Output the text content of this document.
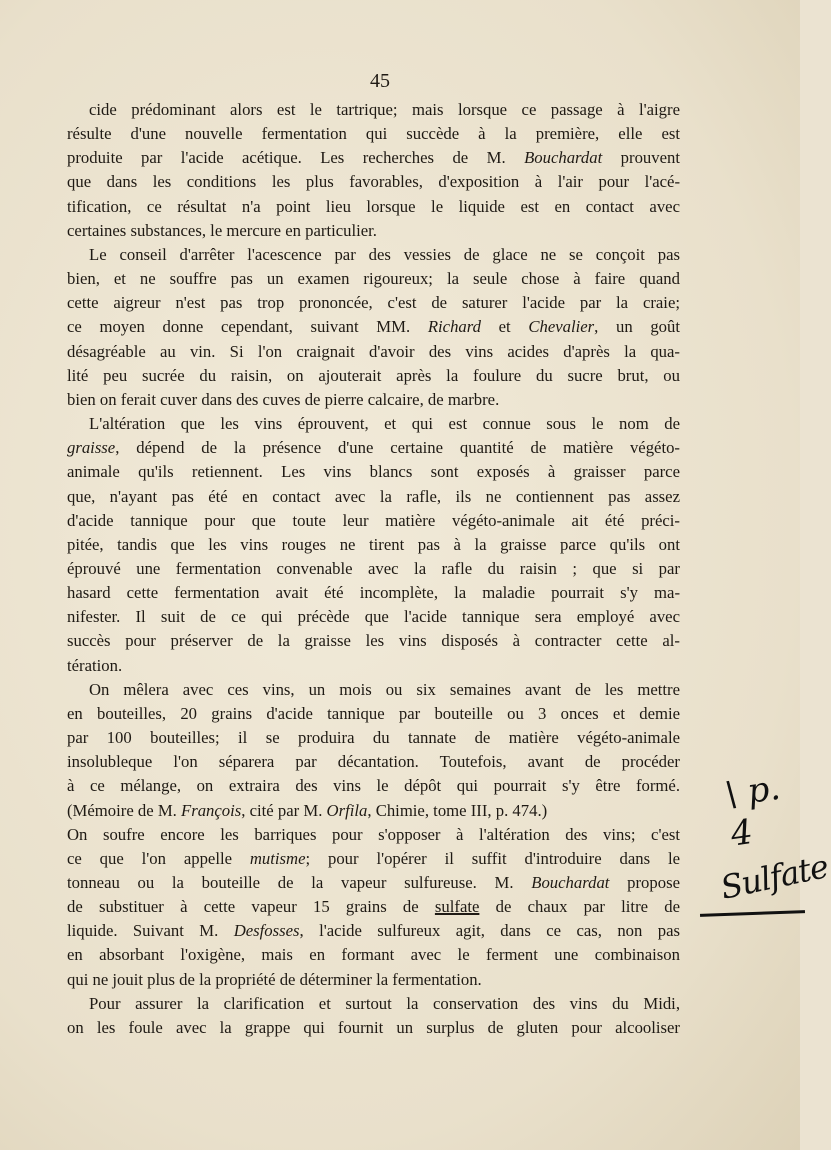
45

cide prédominant alors est le tartrique; mais lorsque ce passage à l'aigre
résulte d'une nouvelle fermentation qui succède à la première, elle est
produite par l'acide acétique. Les recherches de M. Bouchardat prouvent
que dans les conditions les plus favorables, d'exposition à l'air pour l'acé-
tification, ce résultat n'a point lieu lorsque le liquide est en contact avec
certaines substances, le mercure en particulier.

Le conseil d'arrêter l'acescence par des vessies de glace ne se conçoit pas
bien, et ne souffre pas un examen rigoureux; la seule chose à faire quand
cette aigreur n'est pas trop prononcée, c'est de saturer l'acide par la craie;
ce moyen donne cependant, suivant MM. Richard et Chevalier, un goût
désagréable au vin. Si l'on craignait d'avoir des vins acides d'après la qua-
lité peu sucrée du raisin, on ajouterait après la foulure du sucre brut, ou
bien on ferait cuver dans des cuves de pierre calcaire, de marbre.

L'altération que les vins éprouvent, et qui est connue sous le nom de
graisse, dépend de la présence d'une certaine quantité de matière végéto-
animale qu'ils retiennent. Les vins blancs sont exposés à graisser parce
que, n'ayant pas été en contact avec la rafle, ils ne contiennent pas assez
d'acide tannique pour que toute leur matière végéto-animale ait été préci-
pitée, tandis que les vins rouges ne tirent pas à la graisse parce qu'ils ont
éprouvé une fermentation convenable avec la rafle du raisin ; que si par
hasard cette fermentation avait été incomplète, la maladie pourrait s'y ma-
nifester. Il suit de ce qui précède que l'acide tannique sera employé avec
succès pour préserver de la graisse les vins disposés à contracter cette al-
tération.

On mêlera avec ces vins, un mois ou six semaines avant de les mettre
en bouteilles, 20 grains d'acide tannique par bouteille ou 3 onces et demie
par 100 bouteilles; il se produira du tannate de matière végéto-animale
insolubleque l'on séparera par décantation. Toutefois, avant de procéder
à ce mélange, on extraira des vins le dépôt qui pourrait s'y être formé.
(Mémoire de M. François, cité par M. Orfila, Chimie, tome III, p. 474.)

On soufre encore les barriques pour s'opposer à l'altération des vins; c'est
ce que l'on appelle mutisme; pour l'opérer il suffit d'introduire dans le
tonneau ou la bouteille de la vapeur sulfureuse. M. Bouchardat propose
de substituer à cette vapeur 15 grains de sulfate de chaux par litre de
liquide. Suivant M. Desfosses, l'acide sulfureux agit, dans ce cas, non pas
en absorbant l'oxigène, mais en formant avec le ferment une combinaison
qui ne jouit plus de la propriété de déterminer la fermentation.

Pour assurer la clarification et surtout la conservation des vins du Midi,
on les foule avec la grappe qui fournit un surplus de gluten pour alcooliser

\ p. 4
Sulfate
